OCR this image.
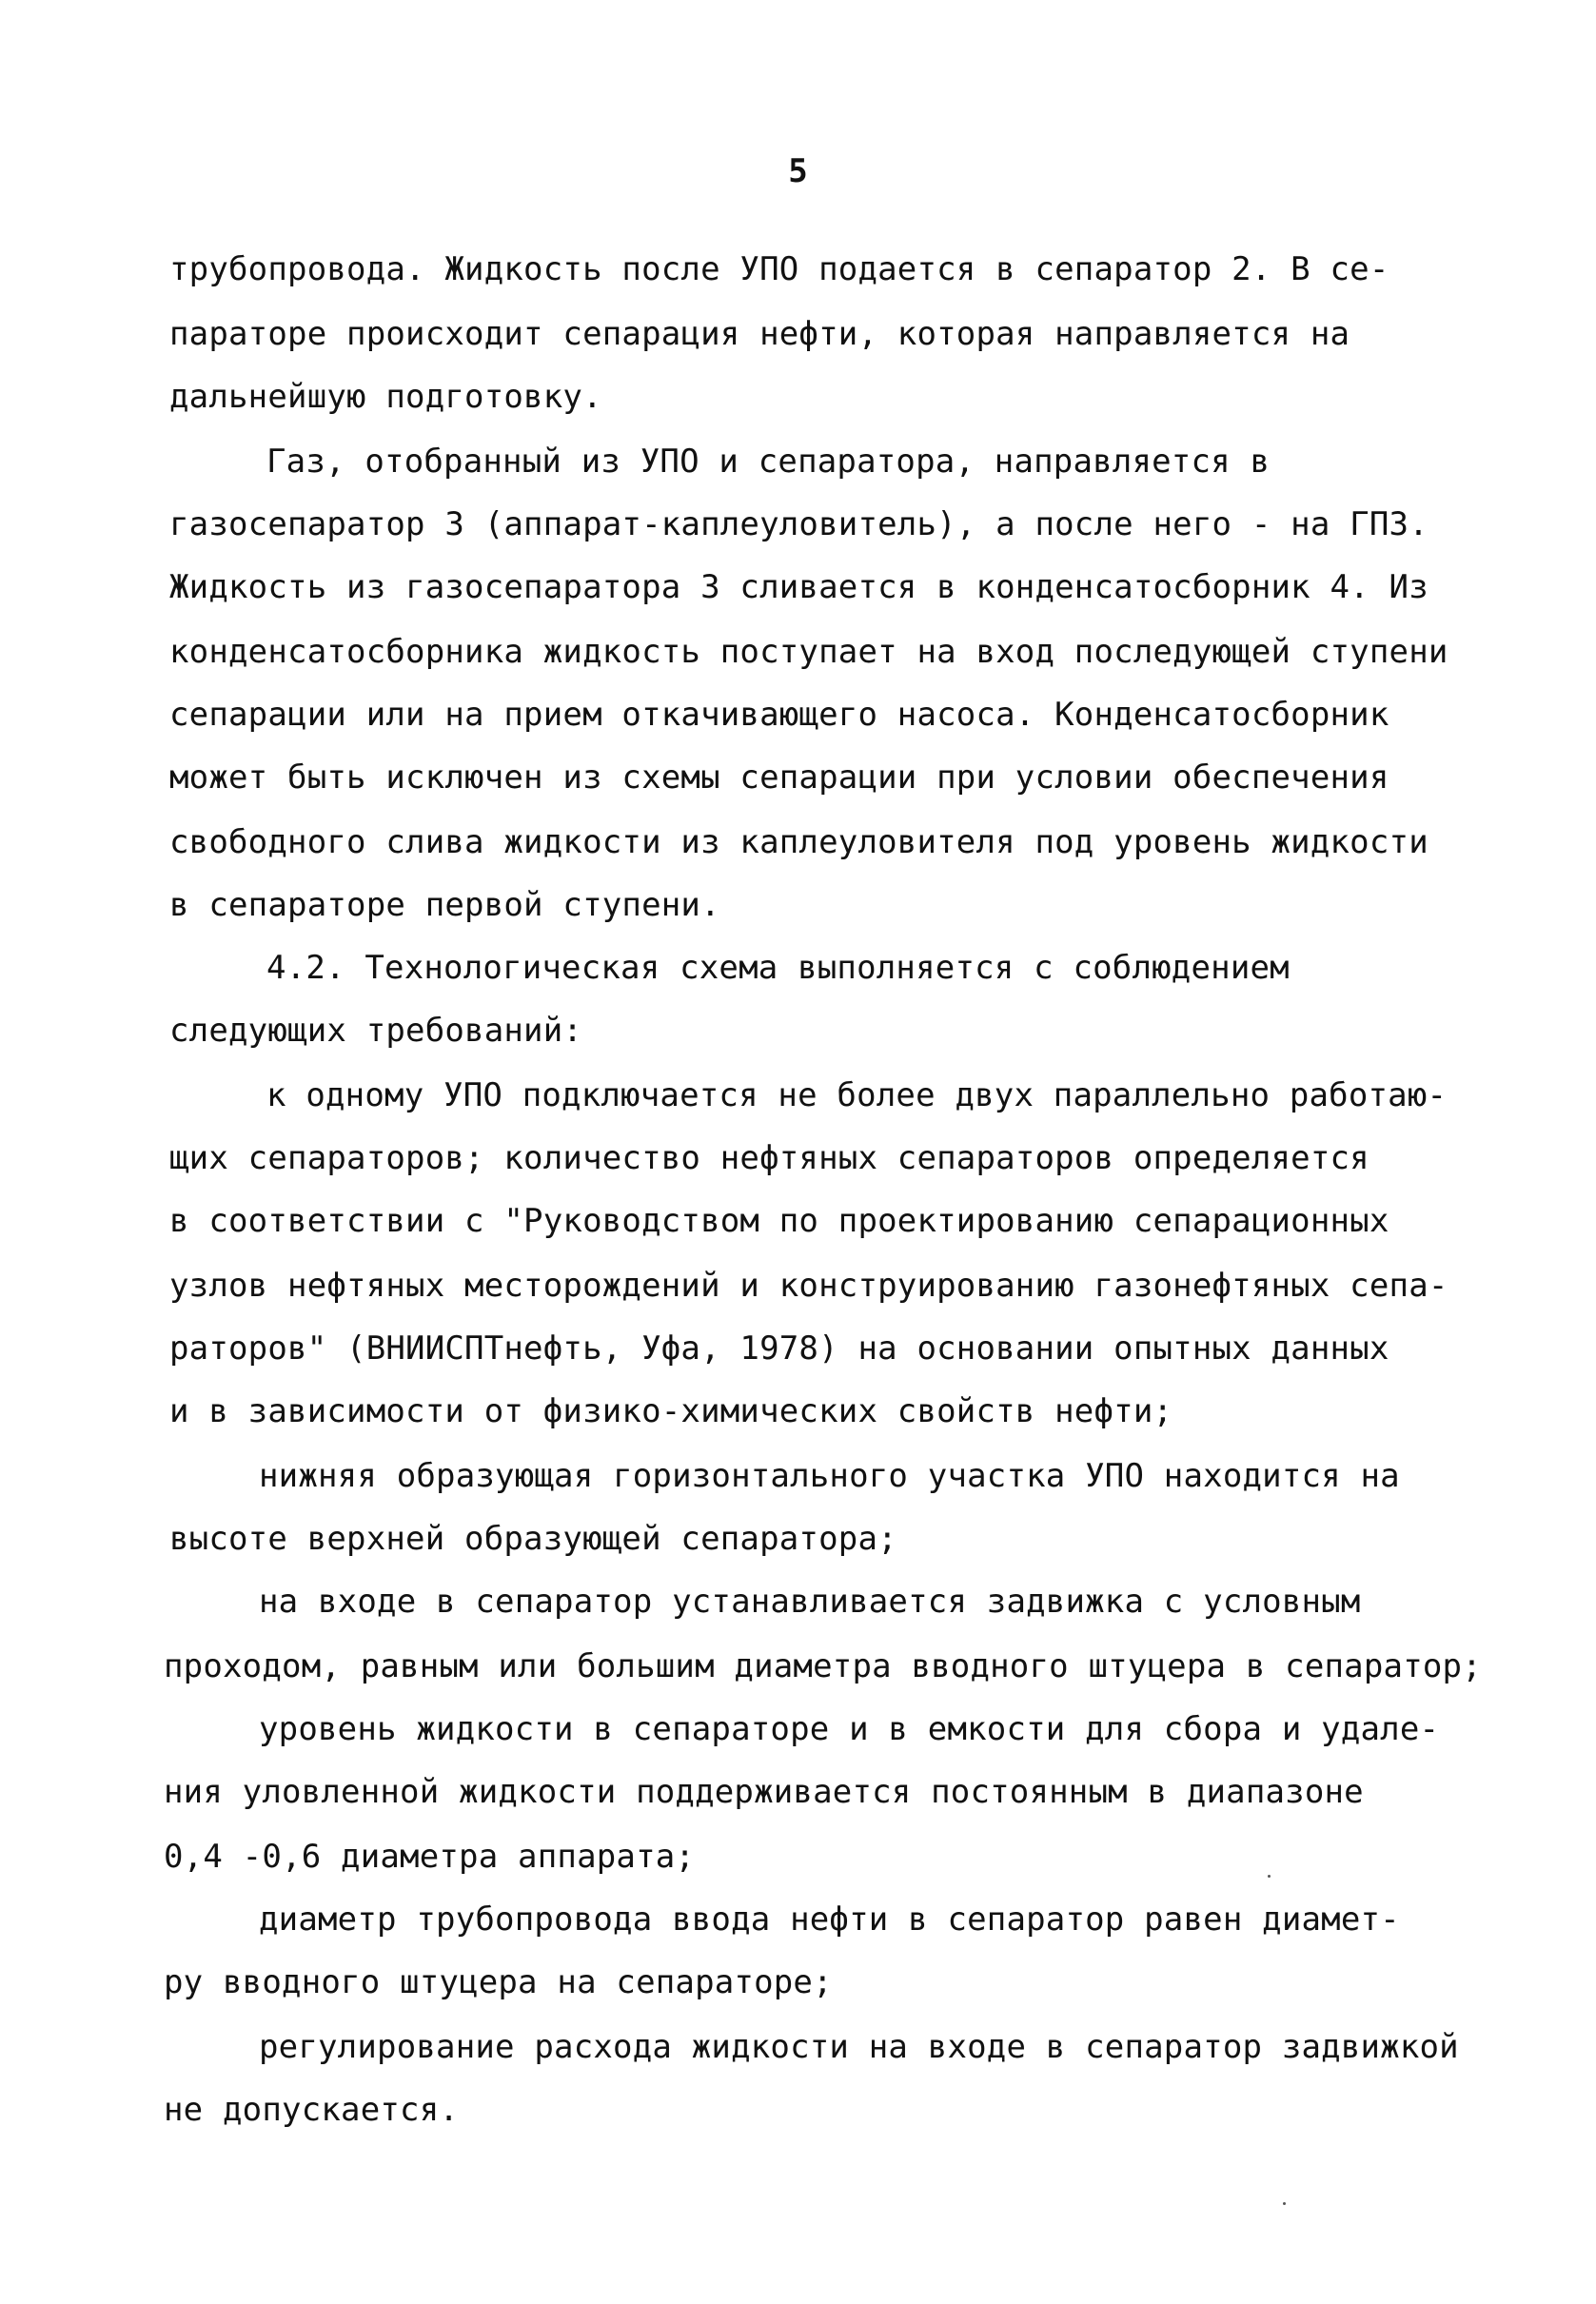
5
трубопровода. Жидкость после УПО подается в сепаратор 2. В се-
параторе происходит сепарация нефти, которая направляется на
дальнейшую подготовку.
Газ, отобранный из УПО и сепаратора, направляется в
газосепаратор 3 (аппарат-каплеуловитель), а после него - на ГПЗ.
Жидкость из газосепаратора 3 сливается в конденсатосборник 4. Из
конденсатосборника жидкость поступает на вход последующей ступени
сепарации или на прием откачивающего насоса. Конденсатосборник
может быть исключен из схемы сепарации при условии обеспечения
свободного слива жидкости из каплеуловителя под уровень жидкости
в сепараторе первой ступени.
4.2. Технологическая схема выполняется с соблюдением
следующих требований:
к одному УПО подключается не более двух параллельно работаю-
щих сепараторов; количество нефтяных сепараторов определяется
в соответствии с "Руководством по проектированию сепарационных
узлов нефтяных месторождений и конструированию газонефтяных сепа-
раторов" (ВНИИСПТнефть, Уфа, 1978) на основании опытных данных
и в зависимости от физико-химических свойств нефти;
нижняя образующая горизонтального участка УПО находится на
высоте верхней образующей сепаратора;
на входе в сепаратор устанавливается задвижка с условным
проходом, равным или большим диаметра вводного штуцера в сепаратор;
уровень жидкости в сепараторе и в емкости для сбора и удале-
ния уловленной жидкости поддерживается постоянным в диапазоне
0,4 -0,6 диаметра аппарата;
диаметр трубопровода ввода нефти в сепаратор равен диамет-
ру вводного штуцера на сепараторе;
регулирование расхода жидкости на входе в сепаратор задвижкой
не допускается.
